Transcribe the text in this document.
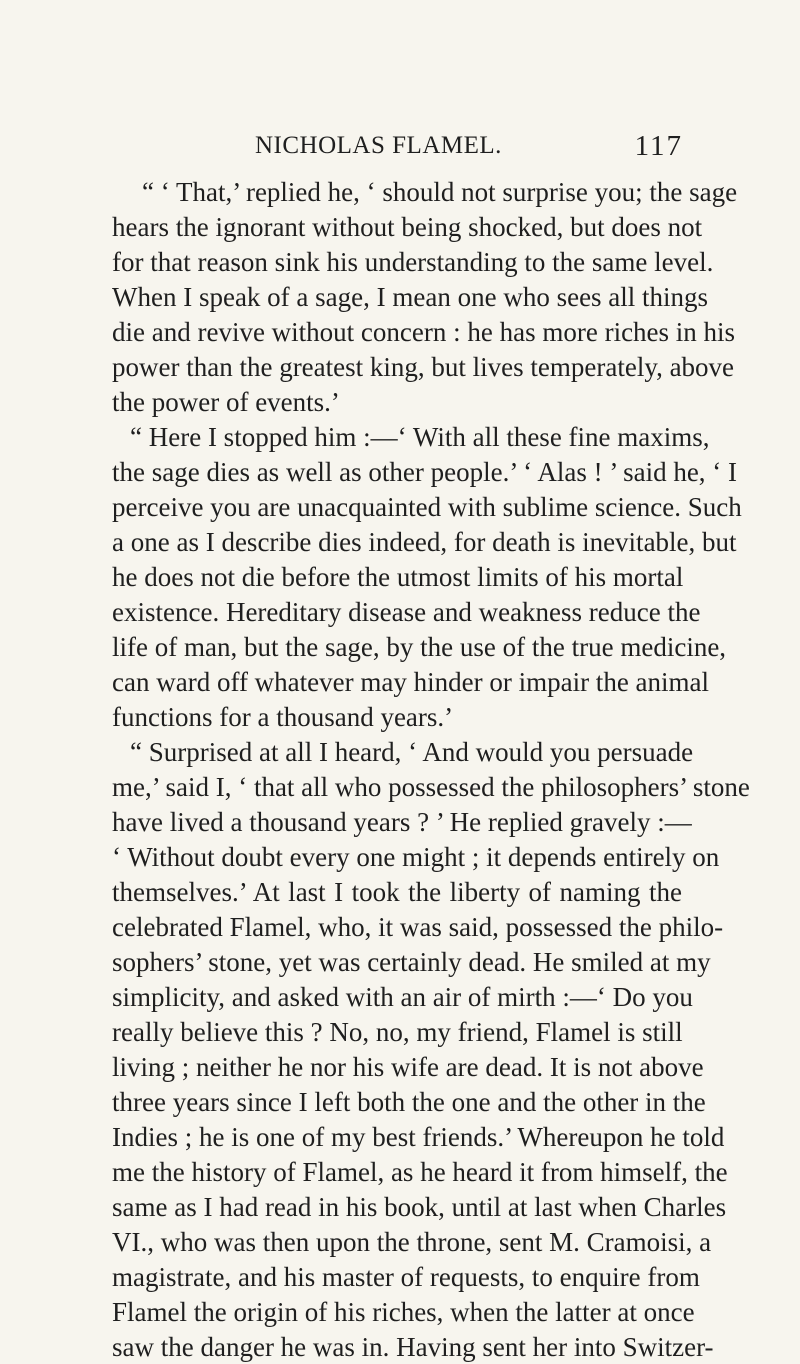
NICHOLAS FLAMEL.	117
“ ‘ That,’ replied he, ‘ should not surprise you; the sage
hears the ignorant without being shocked, but does not
for that reason sink his understanding to the same level.
When I speak of a sage, I mean one who sees all things
die and revive without concern : he has more riches in his
power than the greatest king, but lives temperately, above
the power of events.’
“ Here I stopped him :—‘ With all these fine maxims,
the sage dies as well as other people.’ ‘ Alas ! ’ said he, ‘ I
perceive you are unacquainted with sublime science. Such
a one as I describe dies indeed, for death is inevitable, but
he does not die before the utmost limits of his mortal
existence. Hereditary disease and weakness reduce the
life of man, but the sage, by the use of the true medicine,
can ward off whatever may hinder or impair the animal
functions for a thousand years.’
“ Surprised at all I heard, ‘ And would you persuade
me,’ said I, ‘ that all who possessed the philosophers’ stone
have lived a thousand years ? ’ He replied gravely :—
‘ Without doubt every one might ; it depends entirely on
themselves.’ At last I took the liberty of naming the
celebrated Flamel, who, it was said, possessed the philo-
sophers’ stone, yet was certainly dead. He smiled at my
simplicity, and asked with an air of mirth :—‘ Do you
really believe this ? No, no, my friend, Flamel is still
living ; neither he nor his wife are dead. It is not above
three years since I left both the one and the other in the
Indies ; he is one of my best friends.’ Whereupon he told
me the history of Flamel, as he heard it from himself, the
same as I had read in his book, until at last when Charles
VI., who was then upon the throne, sent M. Cramoisi, a
magistrate, and his master of requests, to enquire from
Flamel the origin of his riches, when the latter at once
saw the danger he was in. Having sent her into Switzer-
